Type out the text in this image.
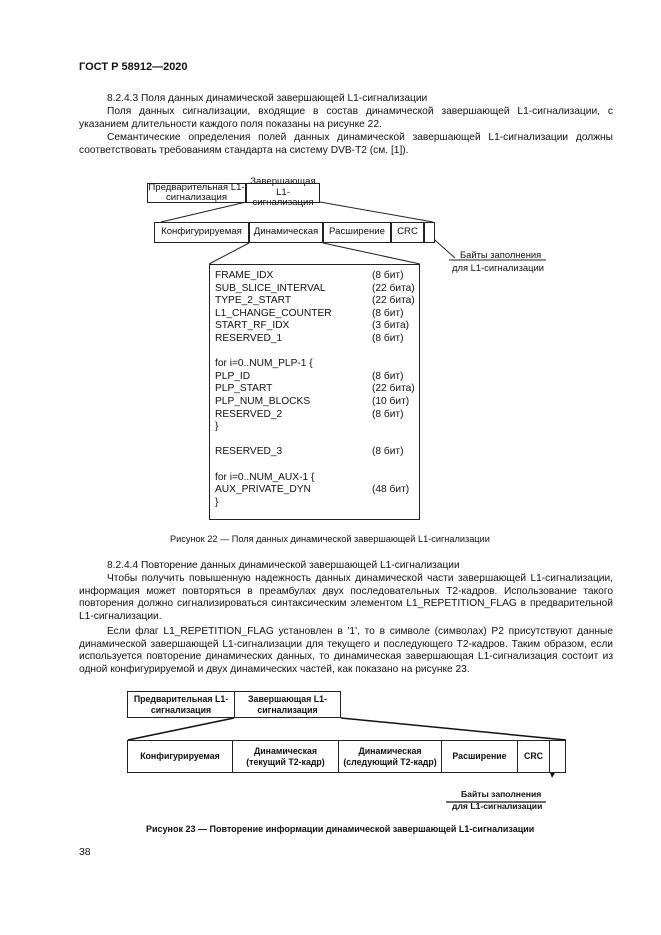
ГОСТ Р 58912—2020
8.2.4.3 Поля данных динамической завершающей L1-сигнализации
Поля данных сигнализации, входящие в состав динамической завершающей L1-сигнализации, с указанием длительности каждого поля показаны на рисунке 22.
Семантические определения полей данных динамической завершающей L1-сигнализации должны соответствовать требованиям стандарта на систему DVB-T2 (см. [1]).
Предварительная L1-сигнализация
Завершающая L1-сигнализация
Конфигурируемая Динамическая Расширение CRC
Байты заполнения
для L1-сигнализации
FRAME_IDX	(8 бит)
SUB_SLICE_INTERVAL	(22 бита)
TYPE_2_START	(22 бита)
L1_CHANGE_COUNTER	(8 бит)
START_RF_IDX	(3 бита)
RESERVED_1	(8 бит)
for i=0..NUM_PLP-1 {
PLP_ID	(8 бит)
PLP_START	(22 бита)
PLP_NUM_BLOCKS	(10 бит)
RESERVED_2	(8 бит)
}
RESERVED_3	(8 бит)
for i=0..NUM_AUX-1 {
AUX_PRIVATE_DYN	(48 бит)
}
Рисунок 22 — Поля данных динамической завершающей L1-сигнализации
8.2.4.4 Повторение данных динамической завершающей L1-сигнализации
Чтобы получить повышенную надежность данных динамической части завершающей L1-сигнализации, информация может повторяться в преамбулах двух последовательных Т2-кадров. Использование такого повторения должно сигнализироваться синтаксическим элементом L1_REPETITION_FLAG в предварительной L1-сигнализации.
Если флаг L1_REPETITION_FLAG установлен в '1', то в символе (символах) Р2 присутствуют данные динамической завершающей L1-сигнализации для текущего и последующего Т2-кадров. Таким образом, если используется повторение динамических данных, то динамическая завершающая L1-сигнализация состоит из одной конфигурируемой и двух динамических частей, как показано на рисунке 23.
Предварительная L1-сигнализация
Завершающая L1-сигнализация
Конфигурируемая
Динамическая (текущий Т2-кадр)
Динамическая (следующий Т2-кадр)
Расширение CRC
Байты заполнения
для L1-сигнализации
Рисунок 23 — Повторение информации динамической завершающей L1-сигнализации
38
